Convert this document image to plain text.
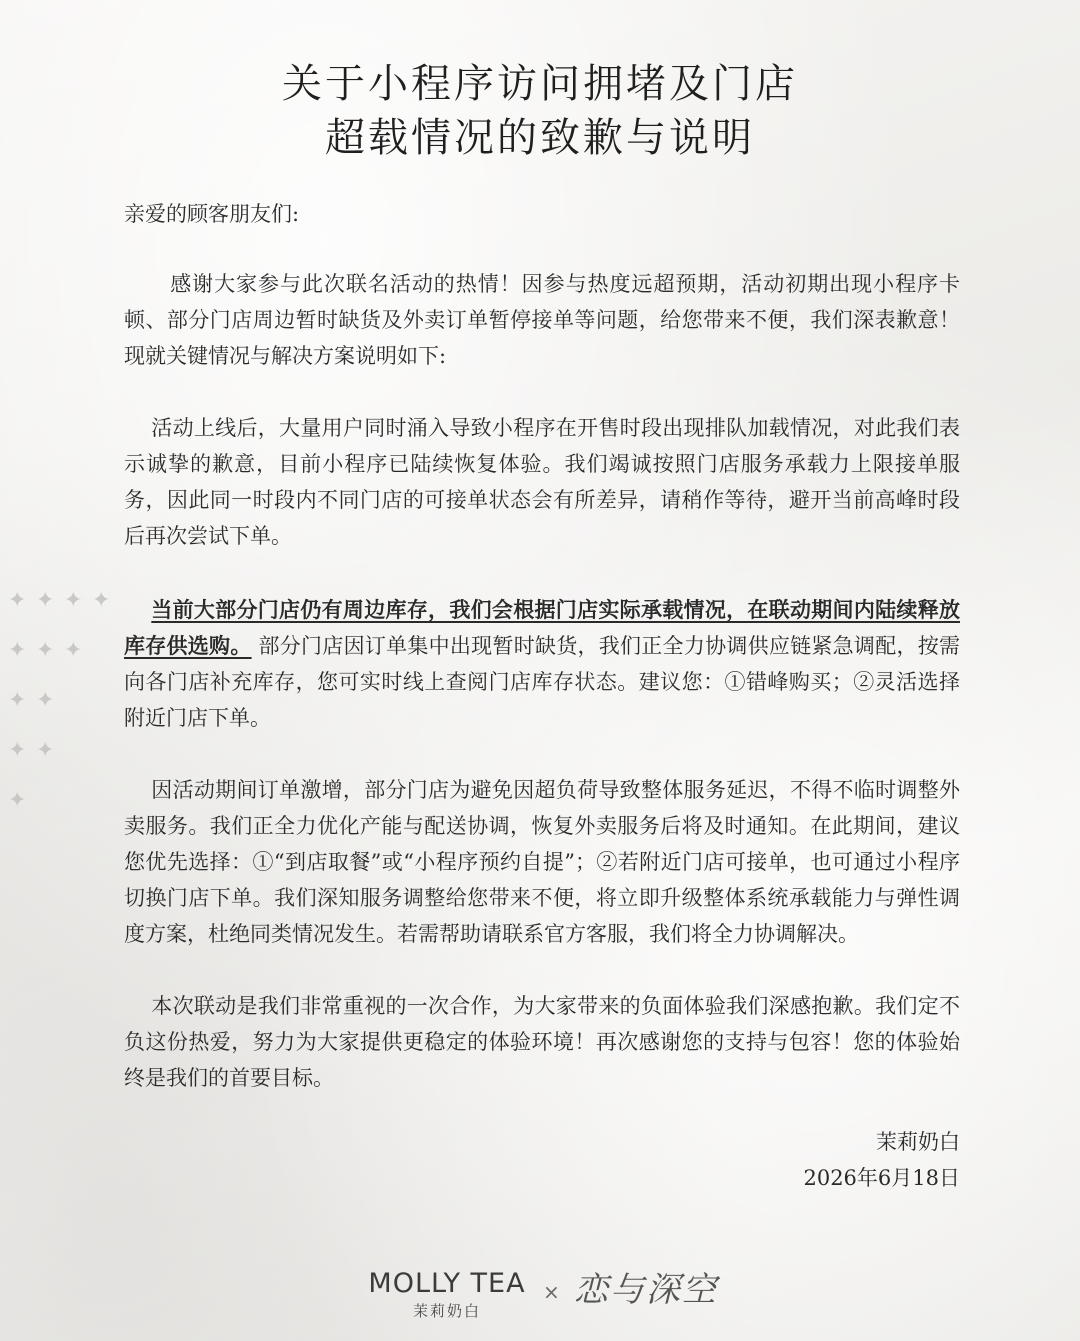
✦ ✦ ✦ ✦
✦ ✦ ✦
✦ ✦
✦ ✦
✦
关于小程序访问拥堵及门店
超载情况的致歉与说明

亲爱的顾客朋友们:

感谢大家参与此次联名活动的热情！因参与热度远超预期，活动初期出现小程序卡顿、部分门店周边暂时缺货及外卖订单暂停接单等问题，给您带来不便，我们深表歉意！现就关键情况与解决方案说明如下:

活动上线后，大量用户同时涌入导致小程序在开售时段出现排队加载情况，对此我们表示诚挚的歉意，目前小程序已陆续恢复体验。我们竭诚按照门店服务承载力上限接单服务，因此同一时段内不同门店的可接单状态会有所差异，请稍作等待，避开当前高峰时段后再次尝试下单。

当前大部分门店仍有周边库存，我们会根据门店实际承载情况，在联动期间内陆续释放库存供选购。 部分门店因订单集中出现暂时缺货，我们正全力协调供应链紧急调配，按需向各门店补充库存，您可实时线上查阅门店库存状态。建议您：①错峰购买；②灵活选择附近门店下单。

因活动期间订单激增，部分门店为避免因超负荷导致整体服务延迟，不得不临时调整外卖服务。我们正全力优化产能与配送协调，恢复外卖服务后将及时通知。在此期间，建议您优先选择：①“到店取餐”或“小程序预约自提”；②若附近门店可接单，也可通过小程序切换门店下单。我们深知服务调整给您带来不便，将立即升级整体系统承载能力与弹性调度方案，杜绝同类情况发生。若需帮助请联系官方客服，我们将全力协调解决。

本次联动是我们非常重视的一次合作，为大家带来的负面体验我们深感抱歉。我们定不负这份热爱，努力为大家提供更稳定的体验环境！再次感谢您的支持与包容！您的体验始终是我们的首要目标。

茉莉奶白

2026年6月18日

MOLLY TEA
茉莉奶白
× 恋与深空
